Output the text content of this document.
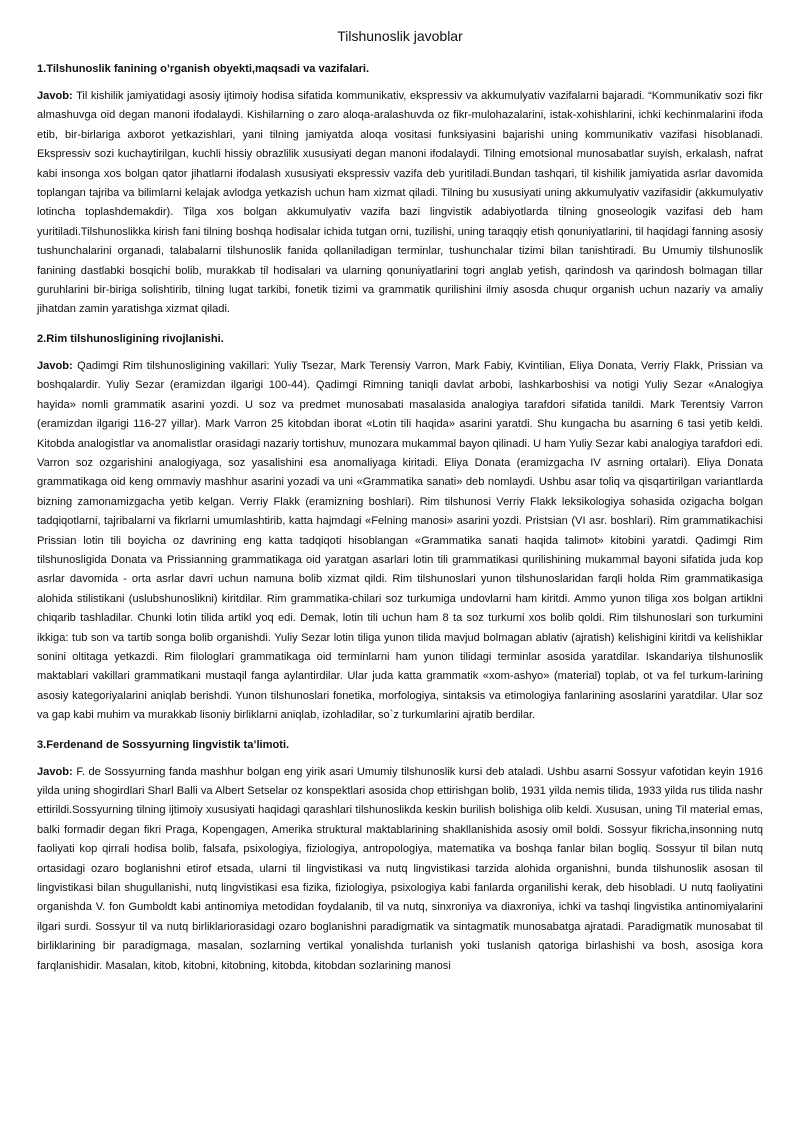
Tilshunoslik javoblar

1.Tilshunoslik fanining o’rganish obyekti,maqsadi va vazifalari.

Javob: Til kishilik jamiyatidagi asosiy ijtimoiy hodisa sifatida kommunikativ, ekspressiv va akkumulyativ vazifalarni bajaradi. “Kommunikativ sozi fikr almashuvga oid degan manoni ifodalaydi. Kishilarning o zaro aloqa-aralashuvda oz fikr-mulohazalarini, istak-xohishlarini, ichki kechinmalarini ifoda etib, bir-birlariga axborot yetkazishlari, yani tilning jamiyatda aloqa vositasi funksiyasini bajarishi uning kommunikativ vazifasi hisoblanadi. Ekspressiv sozi kuchaytirilgan, kuchli hissiy obrazlilik xususiyati degan manoni ifodalaydi. Tilning emotsional munosabatlar suyish, erkalash, nafrat kabi insonga xos bolgan qator jihatlarni ifodalash xususiyati ekspressiv vazifa deb yuritiladi.Bundan tashqari, til kishilik jamiyatida asrlar davomida toplangan tajriba va bilimlarni kelajak avlodga yetkazish uchun ham xizmat qiladi. Tilning bu xususiyati uning akkumulyativ vazifasidir (akkumulyativ lotincha toplashdemakdir). Tilga xos bolgan akkumulyativ vazifa bazi lingvistik adabiyotlarda tilning gnoseologik vazifasi deb ham yuritiladi.Tilshunoslikka kirish fani tilning boshqa hodisalar ichida tutgan orni, tuzilishi, uning taraqqiy etish qonuniyatlarini, til haqidagi fanning asosiy tushunchalarini organadi, talabalarni tilshunoslik fanida qollaniladigan terminlar, tushunchalar tizimi bilan tanishtiradi. Bu Umumiy tilshunoslik fanining dastlabki bosqichi bolib, murakkab til hodisalari va ularning qonuniyatlarini togri anglab yetish, qarindosh va qarindosh bolmagan tillar guruhlarini bir-biriga solishtirib, tilning lugat tarkibi, fonetik tizimi va grammatik qurilishini ilmiy asosda chuqur organish uchun nazariy va amaliy jihatdan zamin yaratishga xizmat qiladi.

2.Rim tilshunosligining rivojlanishi.

Javob: Qadimgi Rim tilshunosligining vakillari: Yuliy Tsezar, Mark Terensiy Varron, Mark Fabiy, Kvintilian, Eliya Donata, Verriy Flakk, Prissian va boshqalardir. Yuliy Sezar (eramizdan ilgarigi 100-44). Qadimgi Rimning taniqli davlat arbobi, lashkarboshisi va notigi Yuliy Sezar «Analogiya hayida» nomli grammatik asarini yozdi. U soz va predmet munosabati masalasida analogiya tarafdori sifatida tanildi. Mark Terentsiy Varron (eramizdan ilgarigi 116-27 yillar). Mark Varron 25 kitobdan iborat «Lotin tili haqida» asarini yaratdi. Shu kungacha bu asarning 6 tasi yetib keldi. Kitobda analogistlar va anomalistlar orasidagi nazariy tortishuv, munozara mukammal bayon qilinadi. U ham Yuliy Sezar kabi analogiya tarafdori edi. Varron soz ozgarishini analogiyaga, soz yasalishini esa anomaliyaga kiritadi. Eliya Donata (eramizgacha IV asrning ortalari). Eliya Donata grammatikaga oid keng ommaviy mashhur asarini yozadi va uni «Grammatika sanati» deb nomlaydi. Ushbu asar toliq va qisqartirilgan variantlarda bizning zamonamizgacha yetib kelgan. Verriy Flakk (eramizning boshlari). Rim tilshunosi Verriy Flakk leksikologiya sohasida ozigacha bolgan tadqiqotlarni, tajribalarni va fikrlarni umumlashtirib, katta hajmdagi «Felning manosi» asarini yozdi. Pristsian (VI asr. boshlari). Rim grammatikachisi Prissian lotin tili boyicha oz davrining eng katta tadqiqoti hisoblangan «Grammatika sanati haqida talimot» kitobini yaratdi. Qadimgi Rim tilshunosligida Donata va Prissianning grammatikaga oid yaratgan asarlari lotin tili grammatikasi qurilishining mukammal bayoni sifatida juda kop asrlar davomida - orta asrlar davri uchun namuna bolib xizmat qildi. Rim tilshunoslari yunon tilshunoslaridan farqli holda Rim grammatikasiga alohida stilistikani (uslubshunoslikni) kiritdilar. Rim grammatika-chilari soz turkumiga undovlarni ham kiritdi. Ammo yunon tiliga xos bolgan artiklni chiqarib tashladilar. Chunki lotin tilida artikl yoq edi. Demak, lotin tili uchun ham 8 ta soz turkumi xos bolib qoldi. Rim tilshunoslari son turkumini ikkiga: tub son va tartib songa bolib organishdi. Yuliy Sezar lotin tiliga yunon tilida mavjud bolmagan ablativ (ajratish) kelishigini kiritdi va kelishiklar sonini oltitaga yetkazdi. Rim filologlari grammatikaga oid terminlarni ham yunon tilidagi terminlar asosida yaratdilar. Iskandariya tilshunoslik maktablari vakillari grammatikani mustaqil fanga aylantirdilar. Ular juda katta grammatik «xom-ashyo» (material) toplab, ot va fel turkum-larining asosiy kategoriyalarini aniqlab berishdi. Yunon tilshunoslari fonetika, morfologiya, sintaksis va etimologiya fanlarining asoslarini yaratdilar. Ular soz va gap kabi muhim va murakkab lisoniy birliklarni aniqlab, izohladilar, so`z turkumlarini ajratib berdilar.

3.Ferdenand de Sossyurning lingvistik ta’limoti.

Javob: F. de Sossyurning fanda mashhur bolgan eng yirik asari Umumiy tilshunoslik kursi deb ataladi. Ushbu asarni Sossyur vafotidan keyin 1916 yilda uning shogirdlari Sharl Balli va Albert Setselar oz konspektlari asosida chop ettirishgan bolib, 1931 yilda nemis tilida, 1933 yilda rus tilida nashr ettirildi.Sossyurning tilning ijtimoiy xususiyati haqidagi qarashlari tilshunoslikda keskin burilish bolishiga olib keldi. Xususan, uning Til material emas, balki formadir degan fikri Praga, Kopengagen, Amerika struktural maktablarining shakllanishida asosiy omil boldi. Sossyur fikricha,insonning nutq faoliyati kop qirrali hodisa bolib, falsafa, psixologiya, fiziologiya, antropologiya, matematika va boshqa fanlar bilan bogliq. Sossyur til bilan nutq ortasidagi ozaro boglanishni etirof etsada, ularni til lingvistikasi va nutq lingvistikasi tarzida alohida organishni, bunda tilshunoslik asosan til lingvistikasi bilan shugullanishi, nutq lingvistikasi esa fizika, fiziologiya, psixologiya kabi fanlarda organilishi kerak, deb hisobladi. U nutq faoliyatini organishda V. fon Gumboldt kabi antinomiya metodidan foydalanib, til va nutq, sinxroniya va diaxroniya, ichki va tashqi lingvistika antinomiyalarini ilgari surdi. Sossyur til va nutq birliklariorasidagi ozaro boglanishni paradigmatik va sintagmatik munosabatga ajratadi. Paradigmatik munosabat til birliklarining bir paradigmaga, masalan, sozlarning vertikal yonalishda turlanish yoki tuslanish qatoriga birlashishi va bosh, asosiga kora farqlanishidir. Masalan, kitob, kitobni, kitobning, kitobda, kitobdan sozlarining manosi
